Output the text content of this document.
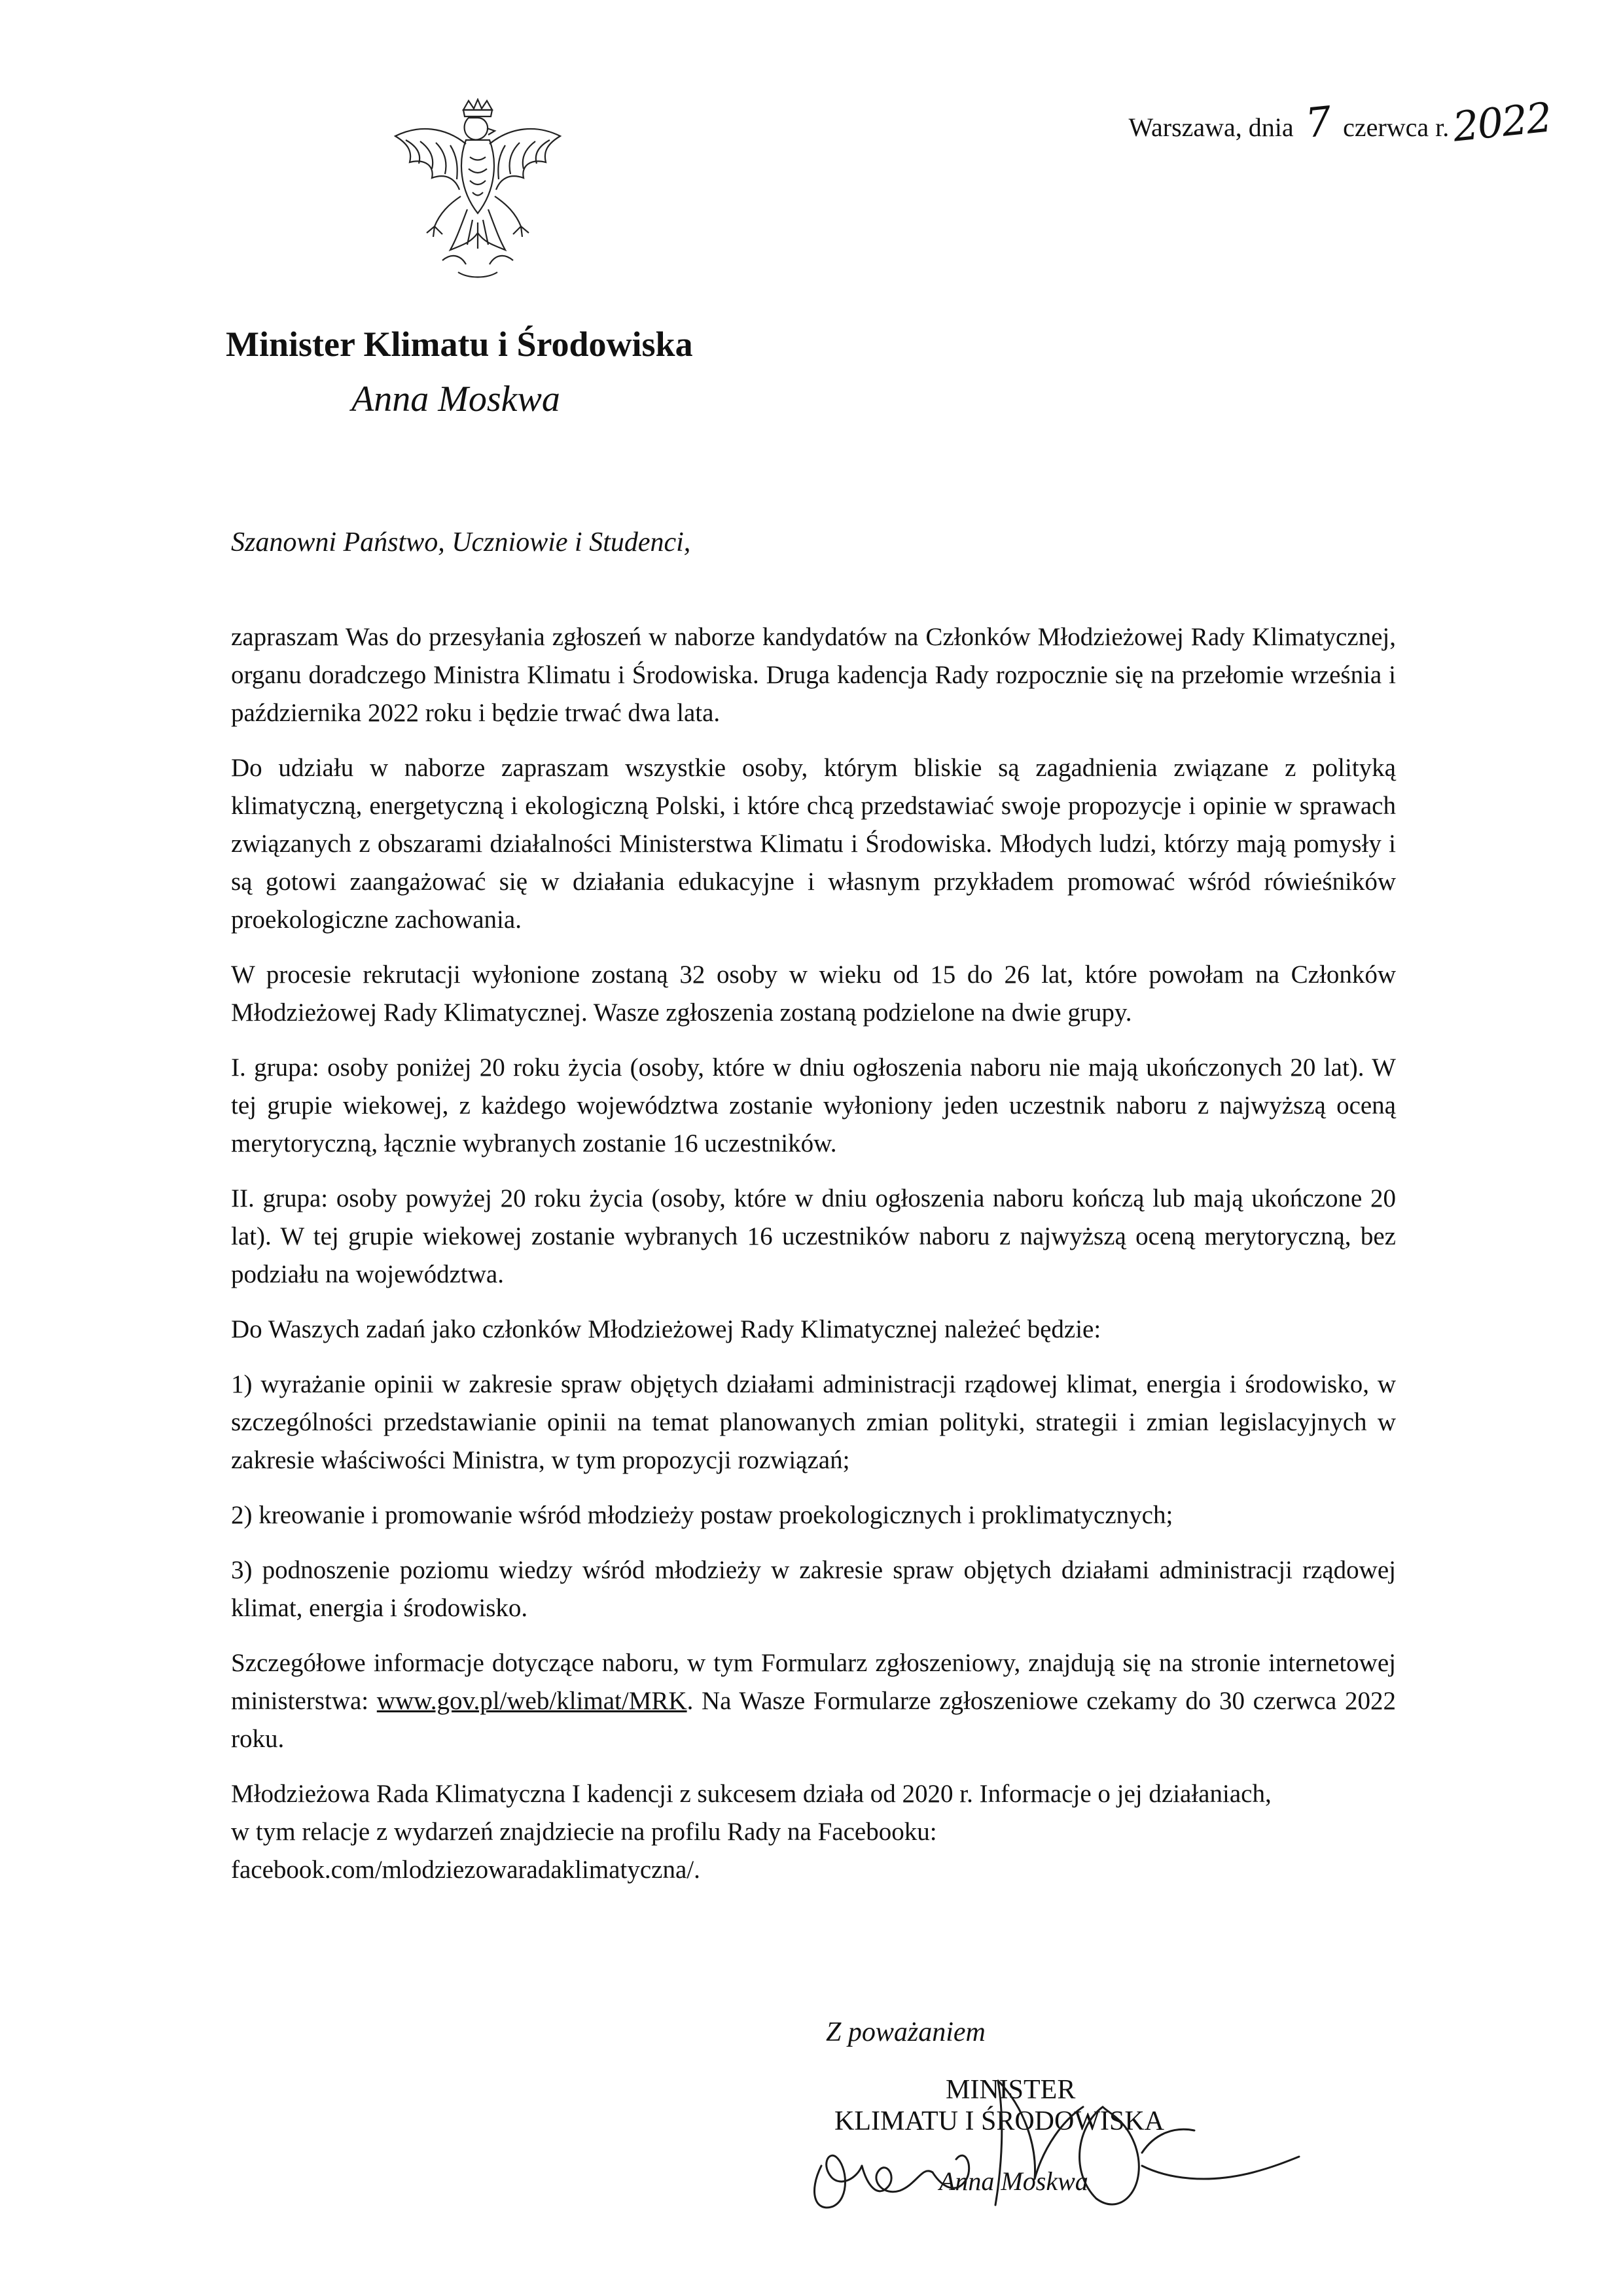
Warszawa, dnia 7 czerwca r.2022
Minister Klimatu i Środowiska
Anna Moskwa
Szanowni Państwo, Uczniowie i Studenci,

zapraszam Was do przesyłania zgłoszeń w naborze kandydatów na Członków Młodzieżowej Rady Klimatycznej, organu doradczego Ministra Klimatu i Środowiska. Druga kadencja Rady rozpocznie się na przełomie września i października 2022 roku i będzie trwać dwa lata.

Do udziału w naborze zapraszam wszystkie osoby, którym bliskie są zagadnienia związane z polityką klimatyczną, energetyczną i ekologiczną Polski, i które chcą przedstawiać swoje propozycje i opinie w sprawach związanych z obszarami działalności Ministerstwa Klimatu i Środowiska. Młodych ludzi, którzy mają pomysły i są gotowi zaangażować się w działania edukacyjne i własnym przykładem promować wśród rówieśników proekologiczne zachowania.

W procesie rekrutacji wyłonione zostaną 32 osoby w wieku od 15 do 26 lat, które powołam na Członków Młodzieżowej Rady Klimatycznej. Wasze zgłoszenia zostaną podzielone na dwie grupy.

I. grupa: osoby poniżej 20 roku życia (osoby, które w dniu ogłoszenia naboru nie mają ukończonych 20 lat). W tej grupie wiekowej, z każdego województwa zostanie wyłoniony jeden uczestnik naboru z najwyższą oceną merytoryczną, łącznie wybranych zostanie 16 uczestników.

II. grupa: osoby powyżej 20 roku życia (osoby, które w dniu ogłoszenia naboru kończą lub mają ukończone 20 lat). W tej grupie wiekowej zostanie wybranych 16 uczestników naboru z najwyższą oceną merytoryczną, bez podziału na województwa.

Do Waszych zadań jako członków Młodzieżowej Rady Klimatycznej należeć będzie:

1) wyrażanie opinii w zakresie spraw objętych działami administracji rządowej klimat, energia i środowisko, w szczególności przedstawianie opinii na temat planowanych zmian polityki, strategii i zmian legislacyjnych w zakresie właściwości Ministra, w tym propozycji rozwiązań;

2) kreowanie i promowanie wśród młodzieży postaw proekologicznych i proklimatycznych;

3) podnoszenie poziomu wiedzy wśród młodzieży w zakresie spraw objętych działami administracji rządowej klimat, energia i środowisko.

Szczegółowe informacje dotyczące naboru, w tym Formularz zgłoszeniowy, znajdują się na stronie internetowej ministerstwa: www.gov.pl/web/klimat/MRK. Na Wasze Formularze zgłoszeniowe czekamy do 30 czerwca 2022 roku.

Młodzieżowa Rada Klimatyczna I kadencji z sukcesem działa od 2020 r. Informacje o jej działaniach,
w tym relacje z wydarzeń znajdziecie na profilu Rady na Facebooku:
facebook.com/mlodziezowaradaklimatyczna/.

Z poważaniem
MINISTER
KLIMATU I ŚRODOWISKA
Anna Moskwa
